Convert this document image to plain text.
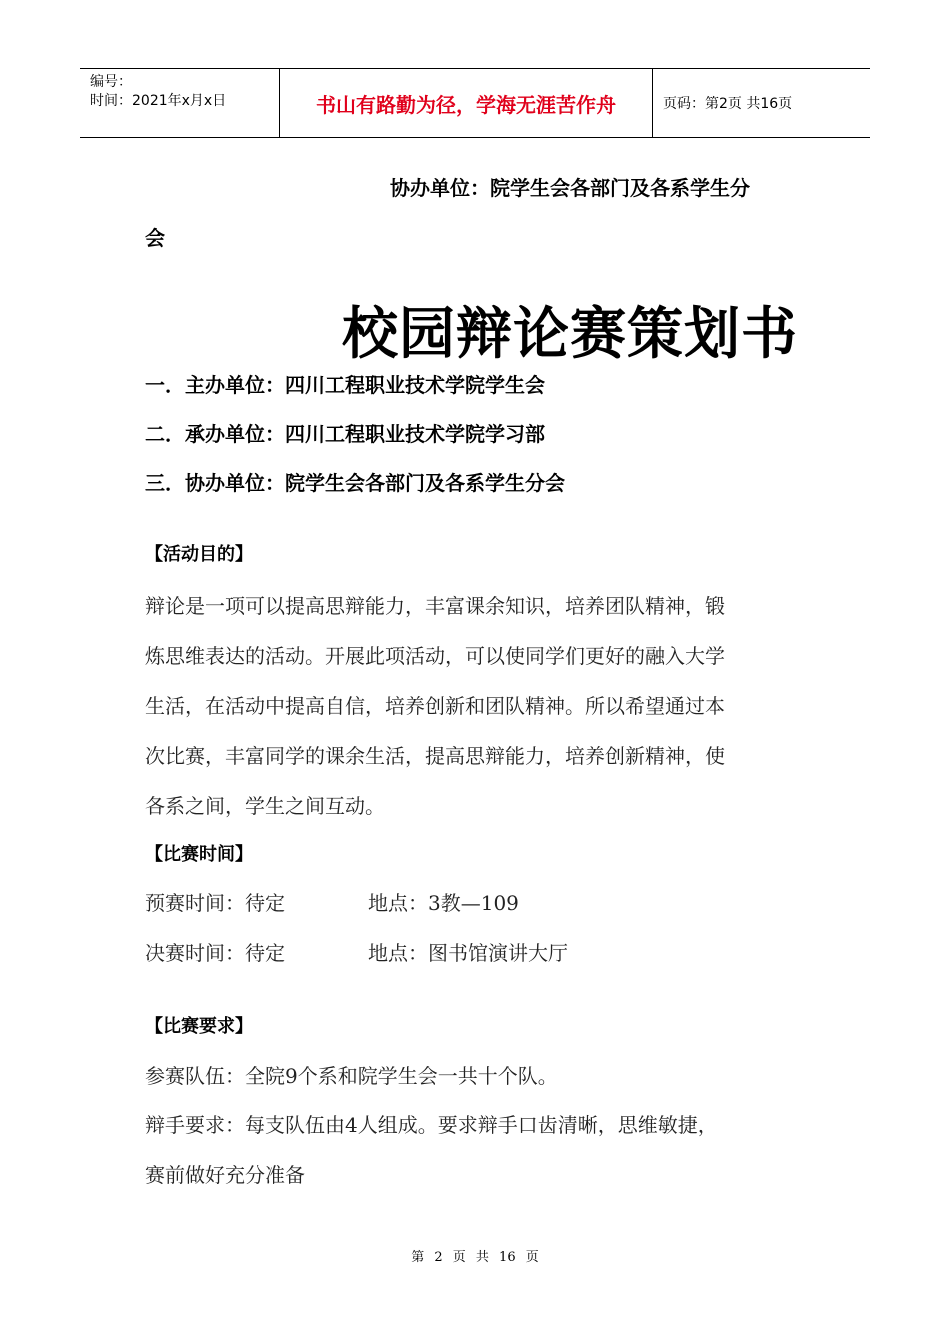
编号：
时间：2021年x月x日	书山有路勤为径，学海无涯苦作舟	页码：第2页 共16页
协办单位：院学生会各部门及各系学生分
会
校园辩论赛策划书
一．主办单位：四川工程职业技术学院学生会
二．承办单位：四川工程职业技术学院学习部
三．协办单位：院学生会各部门及各系学生分会
【活动目的】
辩论是一项可以提高思辩能力，丰富课余知识，培养团队精神，锻
炼思维表达的活动。开展此项活动，可以使同学们更好的融入大学
生活，在活动中提高自信，培养创新和团队精神。所以希望通过本
次比赛，丰富同学的课余生活，提高思辩能力，培养创新精神，使
各系之间，学生之间互动。
【比赛时间】
预赛时间：待定	地点：3教—109
决赛时间：待定	地点：图书馆演讲大厅
【比赛要求】
参赛队伍：全院9个系和院学生会一共十个队。
辩手要求：每支队伍由4人组成。要求辩手口齿清晰，思维敏捷，
赛前做好充分准备
第 2 页 共 16 页
